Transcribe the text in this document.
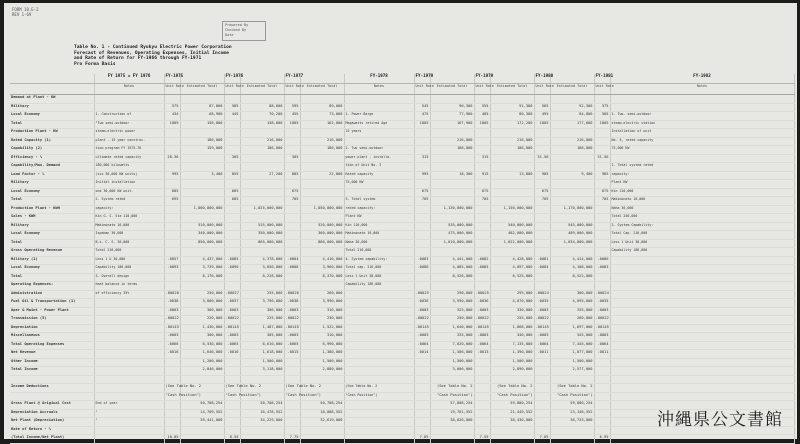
FORM 10.E-2
REV 1-69
Prepared By
Checked By
Date
Table No. 1 - Continued Ryukyu Electric Power Corporation
Forecast of Revenues, Operating Expenses, Initial Income
and Rate of Return for FY-1966 through FY-1971
Pro Forma Basis
	FY 1975 = FY 1976	FY-1975		FY-1976		FY-1977		FY-1978	FY-1979		FY-1979		FY-1980		FY-1981	FY-1982
	Notes	Unit Rate	Estimated Total	Unit Rate	Estimated Total	Unit Rate	Estimated Total	Notes	Unit Rate	Estimated Total	Unit Rate	Estimated Total	Unit Rate	Estimated Total	Unit Rate	Notes
Demand at Plant - KW																
Military		575	87,800	585	88,600	595	89,000		545	90,300	555	91,300	565	92,300	575	
Local Economy	1. Construction of	434	68,900	445	70,200	455	73,000	1. Power Barge	475	77,900	485	80,300	495	84,800	505	1. Two- semi-outdoor
Total	"Two semi-outdoor	1009	156,800		158,800	1005	162,000	Megawatts retired Age	1005	167,900	1005	172,200	1005	177,600	1005	steam-electric station
Production Plant - KW	steam-electric power							15 years								Installation of unit
Rated Capacity (1)	plant - 15 year construc-		186,000		216,000		216,000			216,000		216,000		216,000		No. 5, rated capacity
Capability (2)	tion program FY 1975-76		159,000		186,000		186,000	2. Two semi-outdoor		186,000		186,000		186,000		75,000 KW
Efficiency - %	ultimate rated capacity	28.56		305		305		power plant - installa-	315		315		31.56		31.56	
Capability/Max. Demand	180,000 kilowatts							tion of Unit No. 3								2. Total system rated
Load Factor - %	(six 30,000 KW units)	995	3,400	855	27,200	805	22,800	Rated capacity	995	18,300	915	13,800	985	9,400	985	capacity:
Military	Initial installation							75,000 KW								Plant KW
Local Economy	one 30,000 KW unit.	685		665		675			675		675		675		675	Kin 110,000
Total	2. System rated	695		685		705		3. Total system	705		705		705		705	Makiminato 16,000
Production Plant - KWH	capacity:		1,000,000,000		1,025,000,000		1,050,000,000	rated capacity:		1,130,000,000		1,150,000,000		1,170,000,000		Naha 30,000
Sales - KWH	Kin G. S. Sta 110,000							Plant KW								Total 246,000
Military	Makiminato 16,000		510,000,000		515,000,000		520,000,000	Kin 110,000		535,000,000		540,000,000		545,000,000		3. System Capability:
Local Economy	Ispahan 30,000		340,000,000		350,000,000		360,000,000	Makiminato 16,000		475,000,000		482,000,000		489,000,000		Total Cap. 216,000
Total	B.s. C. S. 30,000		850,000,000		865,000,000		880,000,000	Naha 30,000		1,010,000,000		1,022,000,000		1,034,000,000		Less 1 Unit 30,000
Gross Operating Revenue	Total 216,000							Total 216,000								Capability 186,000
Military (1)	Less 1 U 30,000	.0057	4,437,000	.0085	4,378,000	.0084	4,410,000	4. System capability:	.0083	4,441,000	.0082	4,428,000	.0081	4,414,000	.0080	
Local Economy	Capability 186,000	.0093	3,739,000	.0090	3,850,000	.0088	3,960,000	Total cap. 216,000	.0086	4,085,000	.0085	4,097,000	.0084	4,108,000	.0083	
Total	3. Overall design		8,176,000		8,228,000		8,370,000	Less 1 Unit 30,000		8,526,000		8,525,000		8,522,000		
Operating Expenses:	heat balance in terms							Capability 186,000								
Administration	of efficiency 35%	.00028	250,000	.00027	255,000	.00026	260,000		.00025	290,000	.00025	295,000	.00024	300,000	.00024	
Fuel Oil & Transportation (1)		.0038	3,800,000	.0037	3,790,000	.0038	3,990,000		.0036	3,950,000	.0036	4,070,000	.0035	4,095,000	.0035	
Oper & Maint - Power Plant		.0003	300,000	.0003	300,000	.0003	310,000		.0003	325,000	.0003	330,000	.0003	335,000	.0003	
Transmission (5)		.00022	220,000	.00022	225,000	.00022	230,000		.00022	250,000	.00022	255,000	.00022	260,000	.00022	
Depreciation		.00143	1,430,000	.00145	1,487,000	.00145	1,522,000		.00145	1,640,000	.00145	1,668,000	.00145	1,697,000	.00145	
Miscellaneous		.0003	300,000	.0003	305,000	.0003	310,000		.0003	335,000	.0003	340,000	.0003	345,000	.0003	
Total Operating Expenses		.0066	6,530,000	.0065	6,610,000	.0065	6,990,000		.0064	7,020,000	.0064	7,135,000	.0064	7,445,000	.0064	
Net Revenue		.0016	1,646,000	.0016	1,618,000	.0015	1,380,000		.0014	1,506,000	.0013	1,390,000	.0011	1,077,000	.0011	
Other Income			1,200,000		1,500,000		1,500,000			1,500,000		1,500,000		1,500,000		
Total Income			2,846,000		3,118,000		2,880,000			3,006,000		2,890,000		2,577,000		

Income Deductions		(See Table No. 2		(See Table No. 2		(See Table No. 2		(See Table No. 2		(See Table No. 2		(See Table No. 2		(See Table No. 2		
		"Cash Position")		"Cash Position")		"Cash Position")		"Cash Position")		"Cash Position")		"Cash Position")		"Cash Position")		
Gross Plant @ Original Cost	End of year		50,708,254		50,708,254		50,708,254			57,808,254		59,880,254		59,880,254		
Depreciation Accruals	"		14,709,552		16,478,552		18,088,552			19,781,552		21,449,552		23,146,552		
Net Plant (Depreciation)	"		39,441,000		34,229,000		32,619,000			38,026,000		38,430,000		36,733,000		
Rate of Return - %																
(Total Income/Net Plant)		10.85		8.55		7.75			7.85		7.55		7.05		6.95	
沖縄県公文書館
